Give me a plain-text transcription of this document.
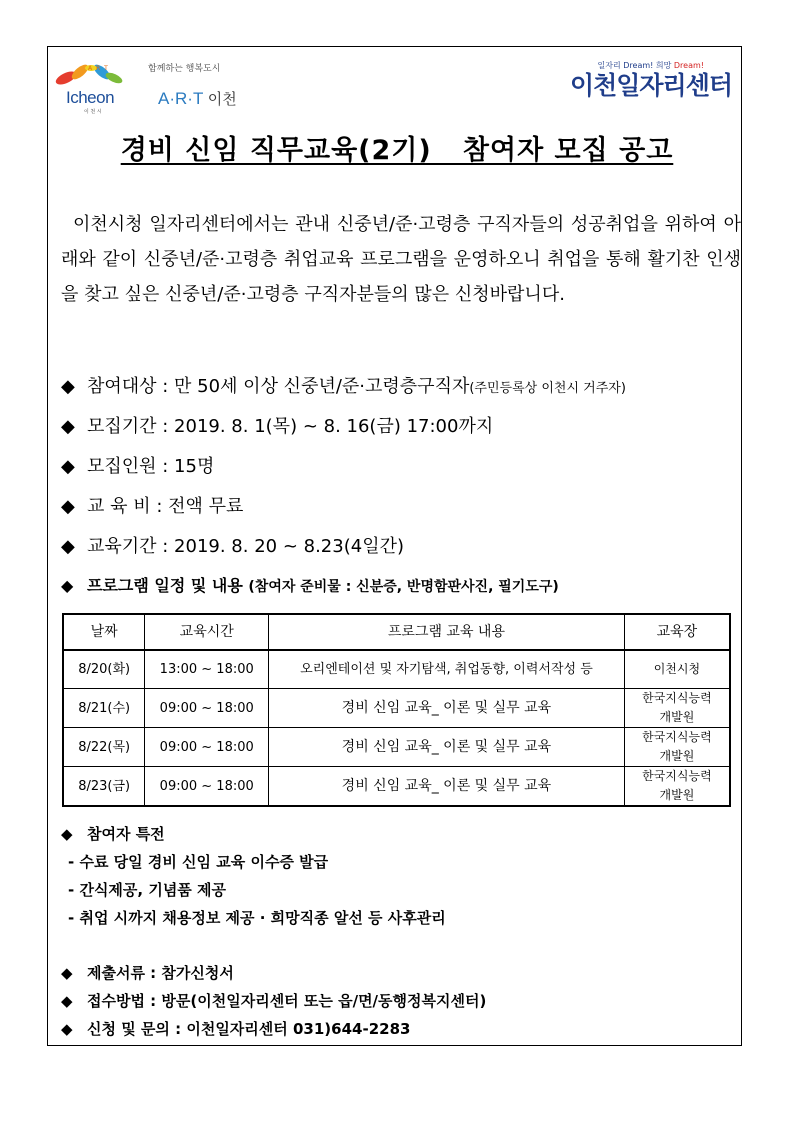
A R T
Icheon
이 천 시
함께하는 행복도시
A·R·T 이천
일자리 Dream! 희망 Dream!
이천일자리센터
경비 신임 직무교육(2기)   참여자 모집 공고
이천시청 일자리센터에서는 관내 신중년/준·고령층 구직자들의 성공취업을 위하여 아래와 같이 신중년/준·고령층 취업교육 프로그램을 운영하오니 취업을 통해 활기찬 인생을 찾고 싶은 신중년/준·고령층 구직자분들의 많은 신청바랍니다.
◆ 참여대상 : 만 50세 이상 신중년/준·고령층구직자(주민등록상 이천시 거주자)
◆ 모집기간 : 2019. 8. 1(목) ~ 8. 16(금) 17:00까지
◆ 모집인원 : 15명
◆ 교 육 비 : 전액 무료
◆ 교육기간 : 2019. 8. 20 ~ 8.23(4일간)
◆ 프로그램 일정 및 내용 (참여자 준비물 : 신분증, 반명함판사진, 필기도구)
날짜	교육시간	프로그램 교육 내용	교육장
8/20(화)	13:00 ~ 18:00	오리엔테이션 및 자기탐색, 취업동향, 이력서작성 등	이천시청
8/21(수)	09:00 ~ 18:00	경비 신임 교육_ 이론 및 실무 교육	한국지식능력
개발원
8/22(목)	09:00 ~ 18:00	경비 신임 교육_ 이론 및 실무 교육	한국지식능력
개발원
8/23(금)	09:00 ~ 18:00	경비 신임 교육_ 이론 및 실무 교육	한국지식능력
개발원
◆ 참여자 특전
- 수료 당일 경비 신임 교육 이수증 발급
- 간식제공, 기념품 제공
- 취업 시까지 채용정보 제공 · 희망직종 알선 등 사후관리
◆ 제출서류 : 참가신청서
◆ 접수방법 : 방문(이천일자리센터 또는 읍/면/동행정복지센터)
◆ 신청 및 문의 : 이천일자리센터 031)644-2283
